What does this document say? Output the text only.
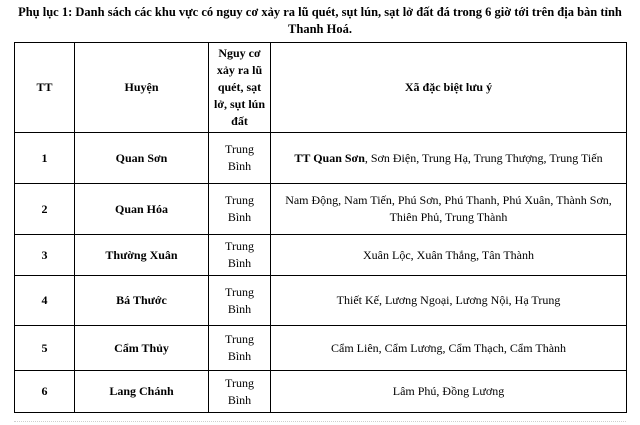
Phụ lục 1: Danh sách các khu vực có nguy cơ xảy ra lũ quét, sụt lún, sạt lở đất đá trong 6 giờ tới trên địa bàn tỉnh Thanh Hoá.
TT	Huyện	Nguy cơ xảy ra lũ quét, sạt lở, sụt lún đất	Xã đặc biệt lưu ý
1	Quan Sơn	Trung Bình	TT Quan Sơn, Sơn Điện, Trung Hạ, Trung Thượng, Trung Tiến
2	Quan Hóa	Trung Bình	Nam Động, Nam Tiến, Phú Sơn, Phú Thanh, Phú Xuân, Thành Sơn, Thiên Phủ, Trung Thành
3	Thường Xuân	Trung Bình	Xuân Lộc, Xuân Thắng, Tân Thành
4	Bá Thước	Trung Bình	Thiết Kế, Lương Ngoại, Lương Nội, Hạ Trung
5	Cẩm Thủy	Trung Bình	Cẩm Liên, Cẩm Lương, Cẩm Thạch, Cẩm Thành
6	Lang Chánh	Trung Bình	Lâm Phú, Đồng Lương
